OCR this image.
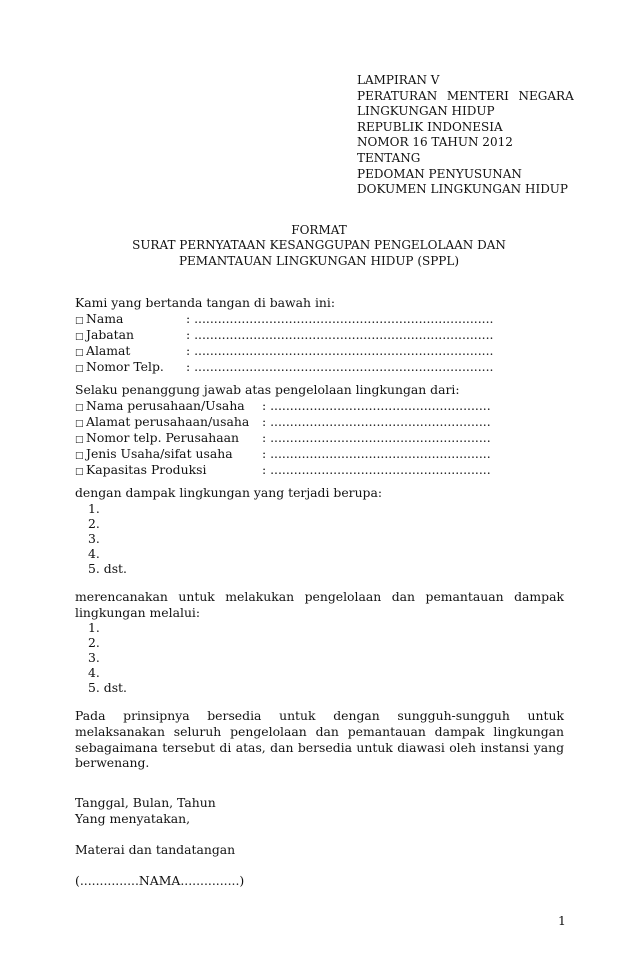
LAMPIRAN V
PERATURAN  MENTERI  NEGARA
LINGKUNGAN HIDUP
REPUBLIK INDONESIA
NOMOR 16 TAHUN 2012
TENTANG
PEDOMAN PENYUSUNAN
DOKUMEN LINGKUNGAN HIDUP
FORMAT
SURAT PERNYATAAN KESANGGUPAN PENGELOLAAN DAN
PEMANTAUAN LINGKUNGAN HIDUP (SPPL)
Kami yang bertanda tangan di bawah ini:
□ Nama	: ............................................................................
□ Jabatan	: ............................................................................
□ Alamat	: ............................................................................
□ Nomor Telp. : ............................................................................
Selaku penanggung jawab atas pengelolaan lingkungan dari:
□ Nama perusahaan/Usaha : ........................................................
□ Alamat perusahaan/usaha : ........................................................
□ Nomor telp. Perusahaan : ........................................................
□ Jenis Usaha/sifat usaha : ........................................................
□ Kapasitas Produksi	: ........................................................
dengan dampak lingkungan yang terjadi berupa:
1.
2.
3.
4.
5. dst.
merencanakan untuk melakukan pengelolaan dan pemantauan dampak lingkungan melalui:
1.
2.
3.
4.
5. dst.
Pada prinsipnya bersedia untuk dengan sungguh-sungguh untuk melaksanakan seluruh pengelolaan dan pemantauan dampak lingkungan sebagaimana tersebut di atas, dan bersedia untuk diawasi oleh instansi yang berwenang.
Tanggal, Bulan, Tahun
Yang menyatakan,
Materai dan tandatangan
(...............NAMA...............)
1
